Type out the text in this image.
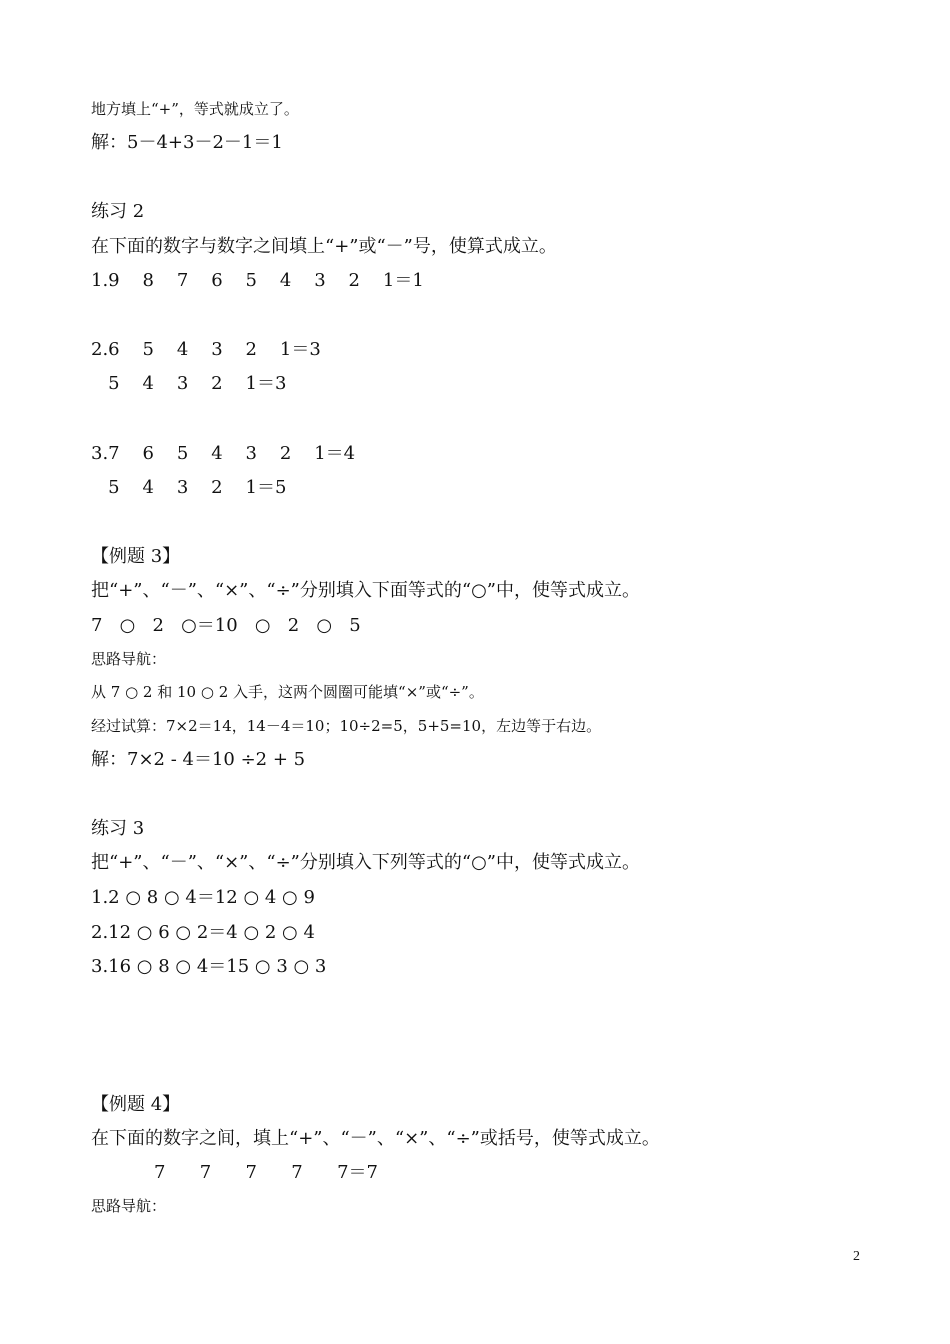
地方填上“+”，等式就成立了。
解：5－4+3－2－1＝1
练习 2
在下面的数字与数字之间填上“+”或“－”号，使算式成立。
1.9    8    7    6    5    4    3    2    1＝1
2.6    5    4    3    2    1＝3
5    4    3    2    1＝3
3.7    6    5    4    3    2    1＝4
5    4    3    2    1＝5
【例题 3】
把“+”、“－”、“×”、“÷”分别填入下面等式的“○”中，使等式成立。
7   ○   2   ○＝10   ○   2   ○   5
思路导航：
从 7 ○ 2 和 10 ○ 2 入手，这两个圆圈可能填“×”或“÷”。
经过试算：7×2＝14，14－4＝10；10÷2=5，5+5=10，左边等于右边。
解：7×2 - 4＝10 ÷2 + 5
练习 3
把“+”、“－”、“×”、“÷”分别填入下列等式的“○”中，使等式成立。
1.2 ○ 8 ○ 4＝12 ○ 4 ○ 9
2.12 ○ 6 ○ 2＝4 ○ 2 ○ 4
3.16 ○ 8 ○ 4＝15 ○ 3 ○ 3
【例题 4】
在下面的数字之间，填上“+”、“－”、“×”、“÷”或括号，使等式成立。
7      7      7      7      7＝7
思路导航：
2
